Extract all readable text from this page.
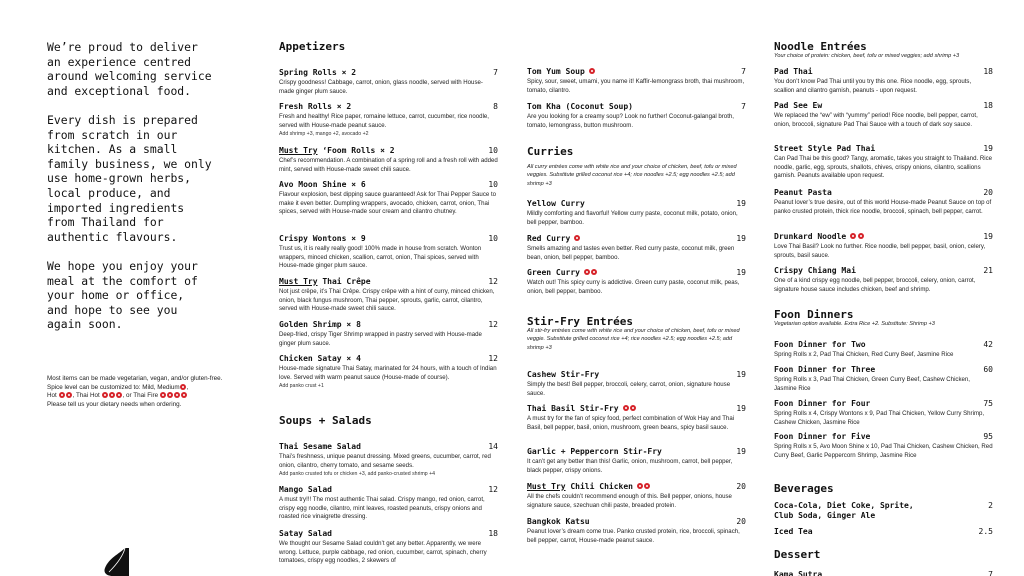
We’re proud to deliver
an experience centred
around welcoming service
and exceptional food.

Every dish is prepared
from scratch in our
kitchen. As a small
family business, we only
use home-grown herbs,
local produce, and
imported ingredients
from Thailand for
authentic flavours.

We hope you enjoy your
meal at the comfort of
your home or office,
and hope to see you
again soon.

Most items can be made vegetarian, vegan, and/or gluten-free.
Spice level can be customized to: Mild, Medium ,
Hot	, Thai Hot	, or Thai Fire
Please tell us your dietary needs when ordering.
Appetizers
Spring Rolls × 2	7
Crispy goodness! Cabbage, carrot, onion, glass noodle, served with House-made ginger plum sauce.
Fresh Rolls × 2	8
Fresh and healthy! Rice paper, romaine lettuce, carrot, cucumber, rice noodle, served with House-made peanut sauce.
Add shrimp +3, mango +2, avocado +2
Must Try ‘Foom Rolls × 2	10
Chef’s recommendation. A combination of a spring roll and a fresh roll with added mint, served with House-made sweet chili sauce.
Avo Moon Shine × 6	10
Flavour explosion, best dipping sauce guaranteed! Ask for Thai Pepper Sauce to make it even better. Dumpling wrappers, avocado, chicken, carrot, onion, Thai spices, served with House-made sour cream and cilantro chutney.
Crispy Wontons × 9	10
Trust us, it is really really good! 100% made in house from scratch. Wonton wrappers, minced chicken, scallion, carrot, onion, Thai spices, served with House-made ginger plum sauce.
Must Try Thai Crêpe	12
Not just crêpe, it’s Thai Crêpe. Crispy crêpe with a hint of curry, minced chicken, onion, black fungus mushroom, Thai pepper, sprouts, garlic, carrot, cilantro, served with House-made sweet chili sauce.
Golden Shrimp × 8	12
Deep-fried, crispy Tiger Shrimp wrapped in pastry served with House-made ginger plum sauce.
Chicken Satay × 4	12
House-made signature Thai Satay, marinated for 24 hours, with a touch of Indian love. Served with warm peanut sauce (House-made of course).
Add panko crust +1
Soups + Salads
Thai Sesame Salad	14
Thai’s freshness, unique peanut dressing. Mixed greens, cucumber, carrot, red onion, cilantro, cherry tomato, and sesame seeds.
Add panko crusted tofu or chicken +3, add panko-crusted shrimp +4
Mango Salad	12
A must try!!! The most authentic Thai salad. Crispy mango, red onion, carrot, crispy egg noodle, cilantro, mint leaves, roasted peanuts, crispy onions and roasted rice vinaigrette dressing.
Satay Salad	18
We thought our Sesame Salad couldn’t get any better. Apparently, we were wrong. Lettuce, purple cabbage, red onion, cucumber, carrot, spinach, cherry tomatoes, crispy egg noodles, 2 skewers of
Tom Yum Soup	7
Spicy, sour, sweet, umami, you name it! Kaffir-lemongrass broth, thai mushroom, tomato, cilantro.
Tom Kha (Coconut Soup)	7
Are you looking for a creamy soup? Look no further! Coconut-galangal broth, tomato, lemongrass, button mushroom.
Curries

All curry entrées come with white rice and your choice of chicken, beef, tofu or mixed veggies. Substitute grilled coconut rice +4; rice noodles +2.5; egg noodles +2.5; add shrimp +3

Yellow Curry	19
Mildly comforting and flavorful! Yellow curry paste, coconut milk, potato, onion, bell pepper, bamboo.
Red Curry	19
Smells amazing and tastes even better. Red curry paste, coconut milk, green bean, onion, bell pepper, bamboo.
Green Curry	19
Watch out! This spicy curry is addictive. Green curry paste, coconut milk, peas, onion, bell pepper, bamboo.
Stir-Fry Entrées

All stir-fry entrées come with white rice and your choice of chicken, beef, tofu or mixed veggie. Substitute grilled coconut rice +4; rice noodles +2.5; egg noodles +2.5; add shrimp +3

Cashew Stir-Fry	19
Simply the best! Bell pepper, broccoli, celery, carrot, onion, signature house sauce.
Thai Basil Stir-Fry	19
A must try for the fan of spicy food, perfect combination of Wok Hay and Thai Basil, bell pepper, basil, onion, mushroom, green beans, spicy basil sauce.
Garlic + Peppercorn Stir-Fry	19
It can’t get any better than this! Garlic, onion, mushroom, carrot, bell pepper, black pepper, crispy onions.
Must Try Chili Chicken	20
All the chefs couldn’t recommend enough of this. Bell pepper, onions, house signature sauce, szechuan chili paste, breaded protein.
Bangkok Katsu	20
Peanut lover’s dream come true. Panko crusted protein, rice, broccoli, spinach, bell pepper, carrot, House-made peanut sauce.
Noodle Entrées

Your choice of protein: chicken, beef, tofu or mixed veggies; add shrimp +3

Pad Thai	18
You don’t know Pad Thai until you try this one. Rice noodle, egg, sprouts, scallion and cilantro garnish, peanuts - upon request.
Pad See Ew	18
We replaced the “ew” with “yummy” period! Rice noodle, bell pepper, carrot, onion, broccoli, signature Pad Thai Sauce with a touch of dark soy sauce.
Street Style Pad Thai	19
Can Pad Thai be this good? Tangy, aromatic, takes you straight to Thailand. Rice noodle, garlic, egg, sprouts, shallots, chives, crispy onions, cilantro, scallions garnish. Peanuts available upon request.
Peanut Pasta	20
Peanut lover’s true desire, out of this world House-made Peanut Sauce on top of panko crusted protein, thick rice noodle, broccoli, spinach, bell pepper, carrot.
Drunkard Noodle	19
Love Thai Basil? Look no further. Rice noodle, bell pepper, basil, onion, celery, sprouts, basil sauce.
Crispy Chiang Mai	21
One of a kind crispy egg noodle, bell pepper, broccoli, celery, onion, carrot, signature house sauce includes chicken, beef and shrimp.
Foon Dinners

Vegetarian option available. Extra Rice +2. Substitute: Shrimp +3

Foon Dinner for Two	42
Spring Rolls x 2, Pad Thai Chicken, Red Curry Beef, Jasmine Rice
Foon Dinner for Three	60
Spring Rolls x 3, Pad Thai Chicken, Green Curry Beef, Cashew Chicken, Jasmine Rice
Foon Dinner for Four	75
Spring Rolls x 4, Crispy Wontons x 9, Pad Thai Chicken, Yellow Curry Shrimp, Cashew Chicken, Jasmine Rice
Foon Dinner for Five	95
Spring Rolls x 5, Avo Moon Shine x 10, Pad Thai Chicken, Cashew Chicken, Red Curry Beef, Garlic Peppercorn Shrimp, Jasmine Rice
Beverages
Coca-Cola, Diet Coke, Sprite,	2
Club Soda, Ginger Ale
Iced Tea	2.5
Dessert
Kama Sutra	7
